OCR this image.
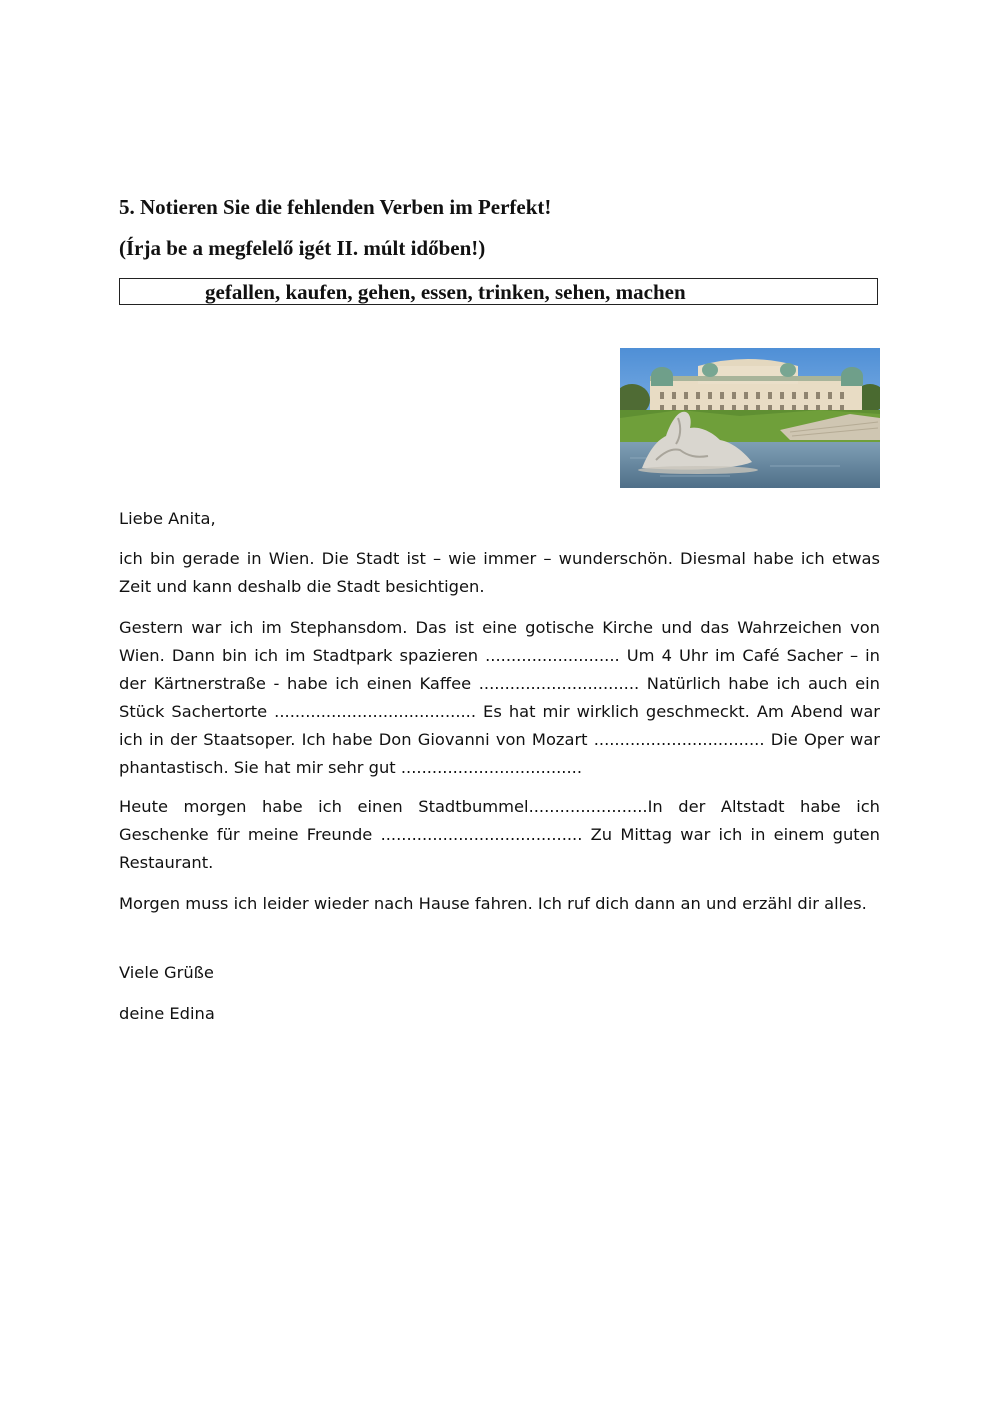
5. Notieren Sie die fehlenden Verben im Perfekt!
(Írja be a megfelelő igét II. múlt időben!)
gefallen, kaufen, gehen, essen, trinken, sehen, machen

Liebe Anita,

ich bin gerade in Wien. Die Stadt ist – wie immer – wunderschön. Diesmal habe ich etwas Zeit und kann deshalb die Stadt besichtigen.

Gestern war ich im Stephansdom. Das ist eine gotische Kirche und das Wahrzeichen von Wien. Dann bin ich im Stadtpark spazieren .......................... Um 4 Uhr im Café Sacher – in der Kärtnerstraße - habe ich einen Kaffee ............................... Natürlich habe ich auch ein Stück Sachertorte ....................................... Es hat mir wirklich geschmeckt. Am Abend war ich in der Staatsoper. Ich habe Don Giovanni von Mozart ................................. Die Oper war phantastisch. Sie hat mir sehr gut ...................................

Heute morgen habe ich einen Stadtbummel.......................In der Altstadt habe ich Geschenke für meine Freunde ....................................... Zu Mittag war ich in einem guten Restaurant.

Morgen muss ich leider wieder nach Hause fahren. Ich ruf dich dann an und erzähl dir alles.

Viele Grüße

deine Edina
